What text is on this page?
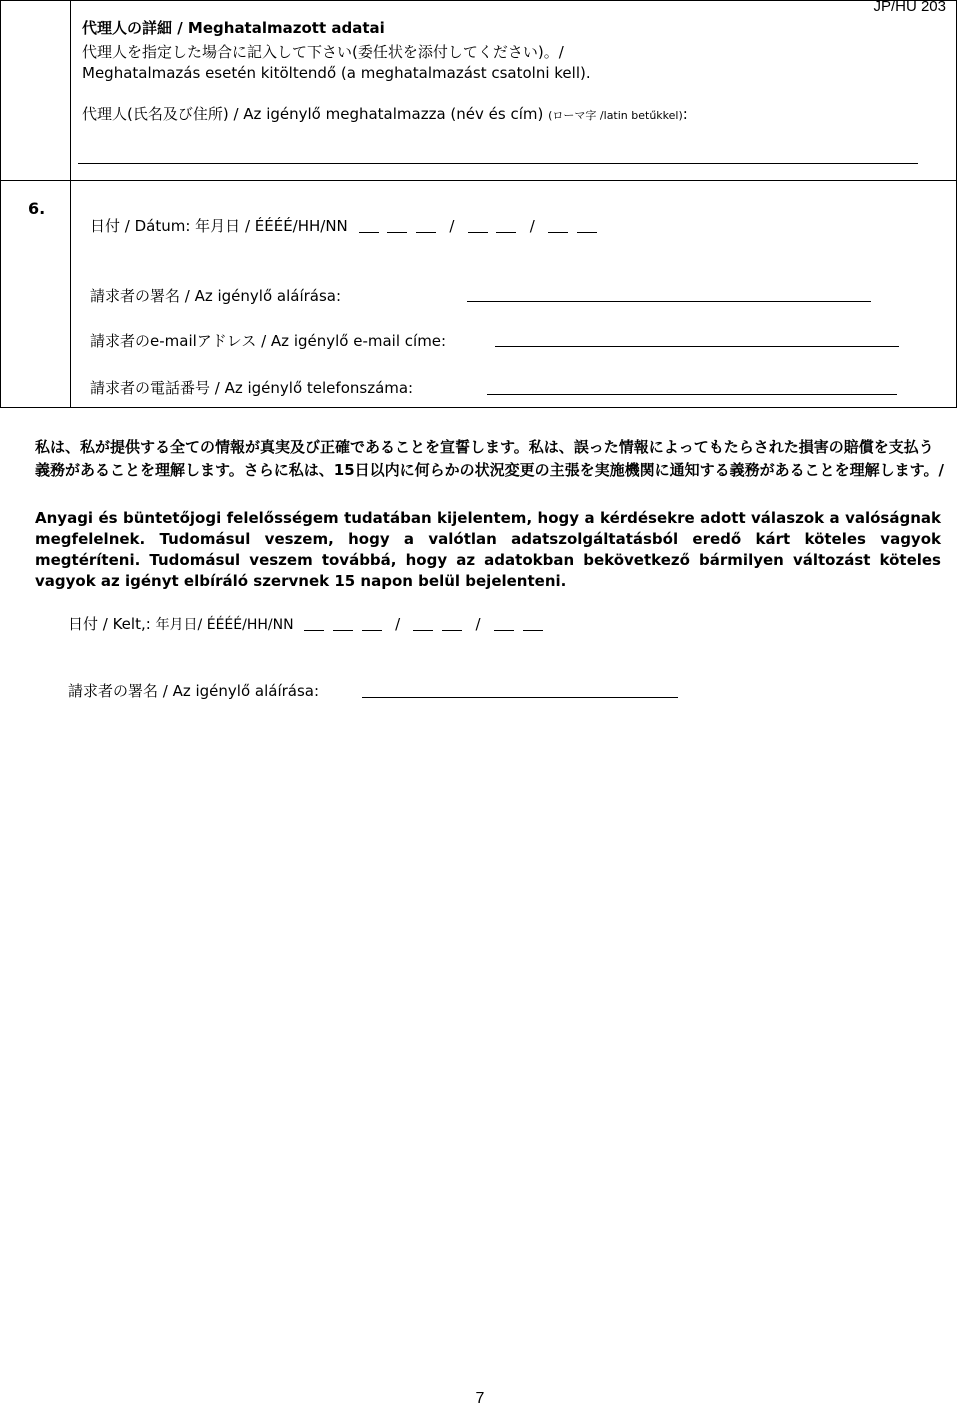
JP/HU 203
代理人の詳細 / Meghatalmazott adatai
代理人を指定した場合に記入して下さい(委任状を添付してください)。/
Meghatalmazás esetén kitöltendő (a meghatalmazást csatolni kell).
代理人(氏名及び住所) / Az igénylő meghatalmazza (név és cím) (ローマ字 /latin betűkkel):
6.
日付 / Dátum: 年月日 / ÉÉÉÉ/HH/NN	/	/
請求者の署名 / Az igénylő aláírása:
請求者のe-mailアドレス / Az igénylő e-mail címe:
請求者の電話番号 / Az igénylő telefonszáma:
私は、私が提供する全ての情報が真実及び正確であることを宣誓します。私は、誤った情報によってもたらされた損害の賠償を支払う義務があることを理解します。さらに私は、15日以内に何らかの状況変更の主張を実施機関に通知する義務があることを理解します。/
Anyagi és büntetőjogi felelősségem tudatában kijelentem, hogy a kérdésekre adott válaszok a valóságnak megfelelnek. Tudomásul veszem, hogy a valótlan adatszolgáltatásból eredő kárt köteles vagyok megtéríteni. Tudomásul veszem továbbá, hogy az adatokban bekövetkező bármilyen változást köteles vagyok az igényt elbíráló szervnek 15 napon belül bejelenteni.
日付 / Kelt,: 年月日/ ÉÉÉÉ/HH/NN	/	/
請求者の署名 / Az igénylő aláírása:
7
